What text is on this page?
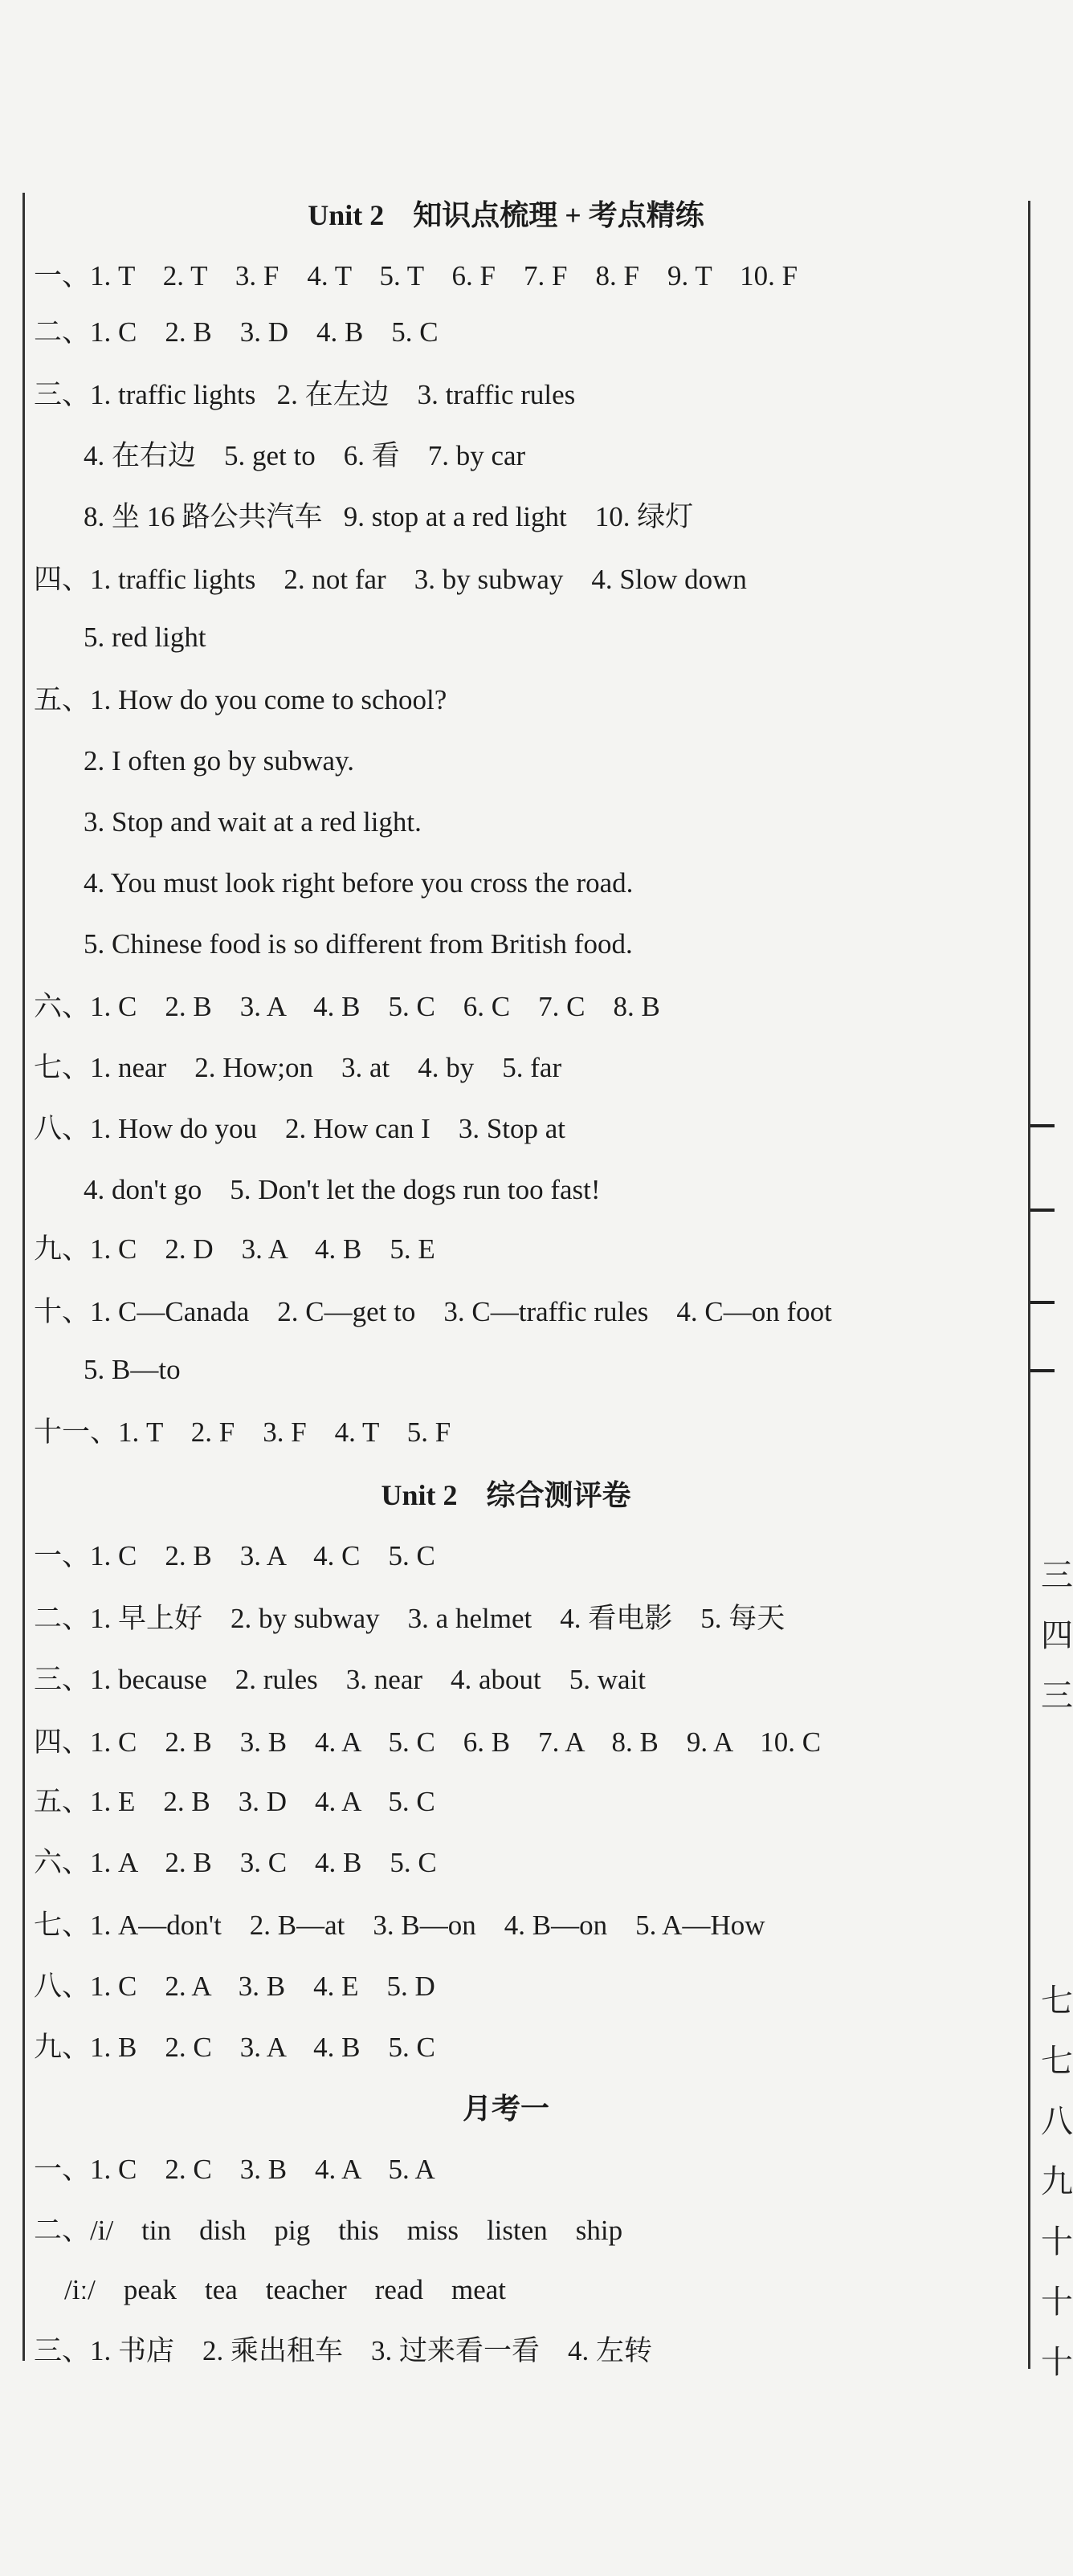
三
四
三
七
七
八
九
十
十
十
Unit 2    知识点梳理 + 考点精练
一、1. T    2. T    3. F    4. T    5. T    6. F    7. F    8. F    9. T    10. F
二、1. C    2. B    3. D    4. B    5. C
三、1. traffic lights   2. 在左边    3. traffic rules
4. 在右边    5. get to    6. 看    7. by car
8. 坐 16 路公共汽车   9. stop at a red light    10. 绿灯
四、1. traffic lights    2. not far    3. by subway    4. Slow down
5. red light
五、1. How do you come to school?
2. I often go by subway.
3. Stop and wait at a red light.
4. You must look right before you cross the road.
5. Chinese food is so different from British food.
六、1. C    2. B    3. A    4. B    5. C    6. C    7. C    8. B
七、1. near    2. How;on    3. at    4. by    5. far
八、1. How do you    2. How can I    3. Stop at
4. don't go    5. Don't let the dogs run too fast!
九、1. C    2. D    3. A    4. B    5. E
十、1. C—Canada    2. C—get to    3. C—traffic rules    4. C—on foot
5. B—to
十一、1. T    2. F    3. F    4. T    5. F
Unit 2    综合测评卷
一、1. C    2. B    3. A    4. C    5. C
二、1. 早上好    2. by subway    3. a helmet    4. 看电影    5. 每天
三、1. because    2. rules    3. near    4. about    5. wait
四、1. C    2. B    3. B    4. A    5. C    6. B    7. A    8. B    9. A    10. C
五、1. E    2. B    3. D    4. A    5. C
六、1. A    2. B    3. C    4. B    5. C
七、1. A—don't    2. B—at    3. B—on    4. B—on    5. A—How
八、1. C    2. A    3. B    4. E    5. D
九、1. B    2. C    3. A    4. B    5. C
月考一
一、1. C    2. C    3. B    4. A    5. A
二、/i/    tin    dish    pig    this    miss    listen    ship
/iː/    peak    tea    teacher    read    meat
三、1. 书店    2. 乘出租车    3. 过来看一看    4. 左转
